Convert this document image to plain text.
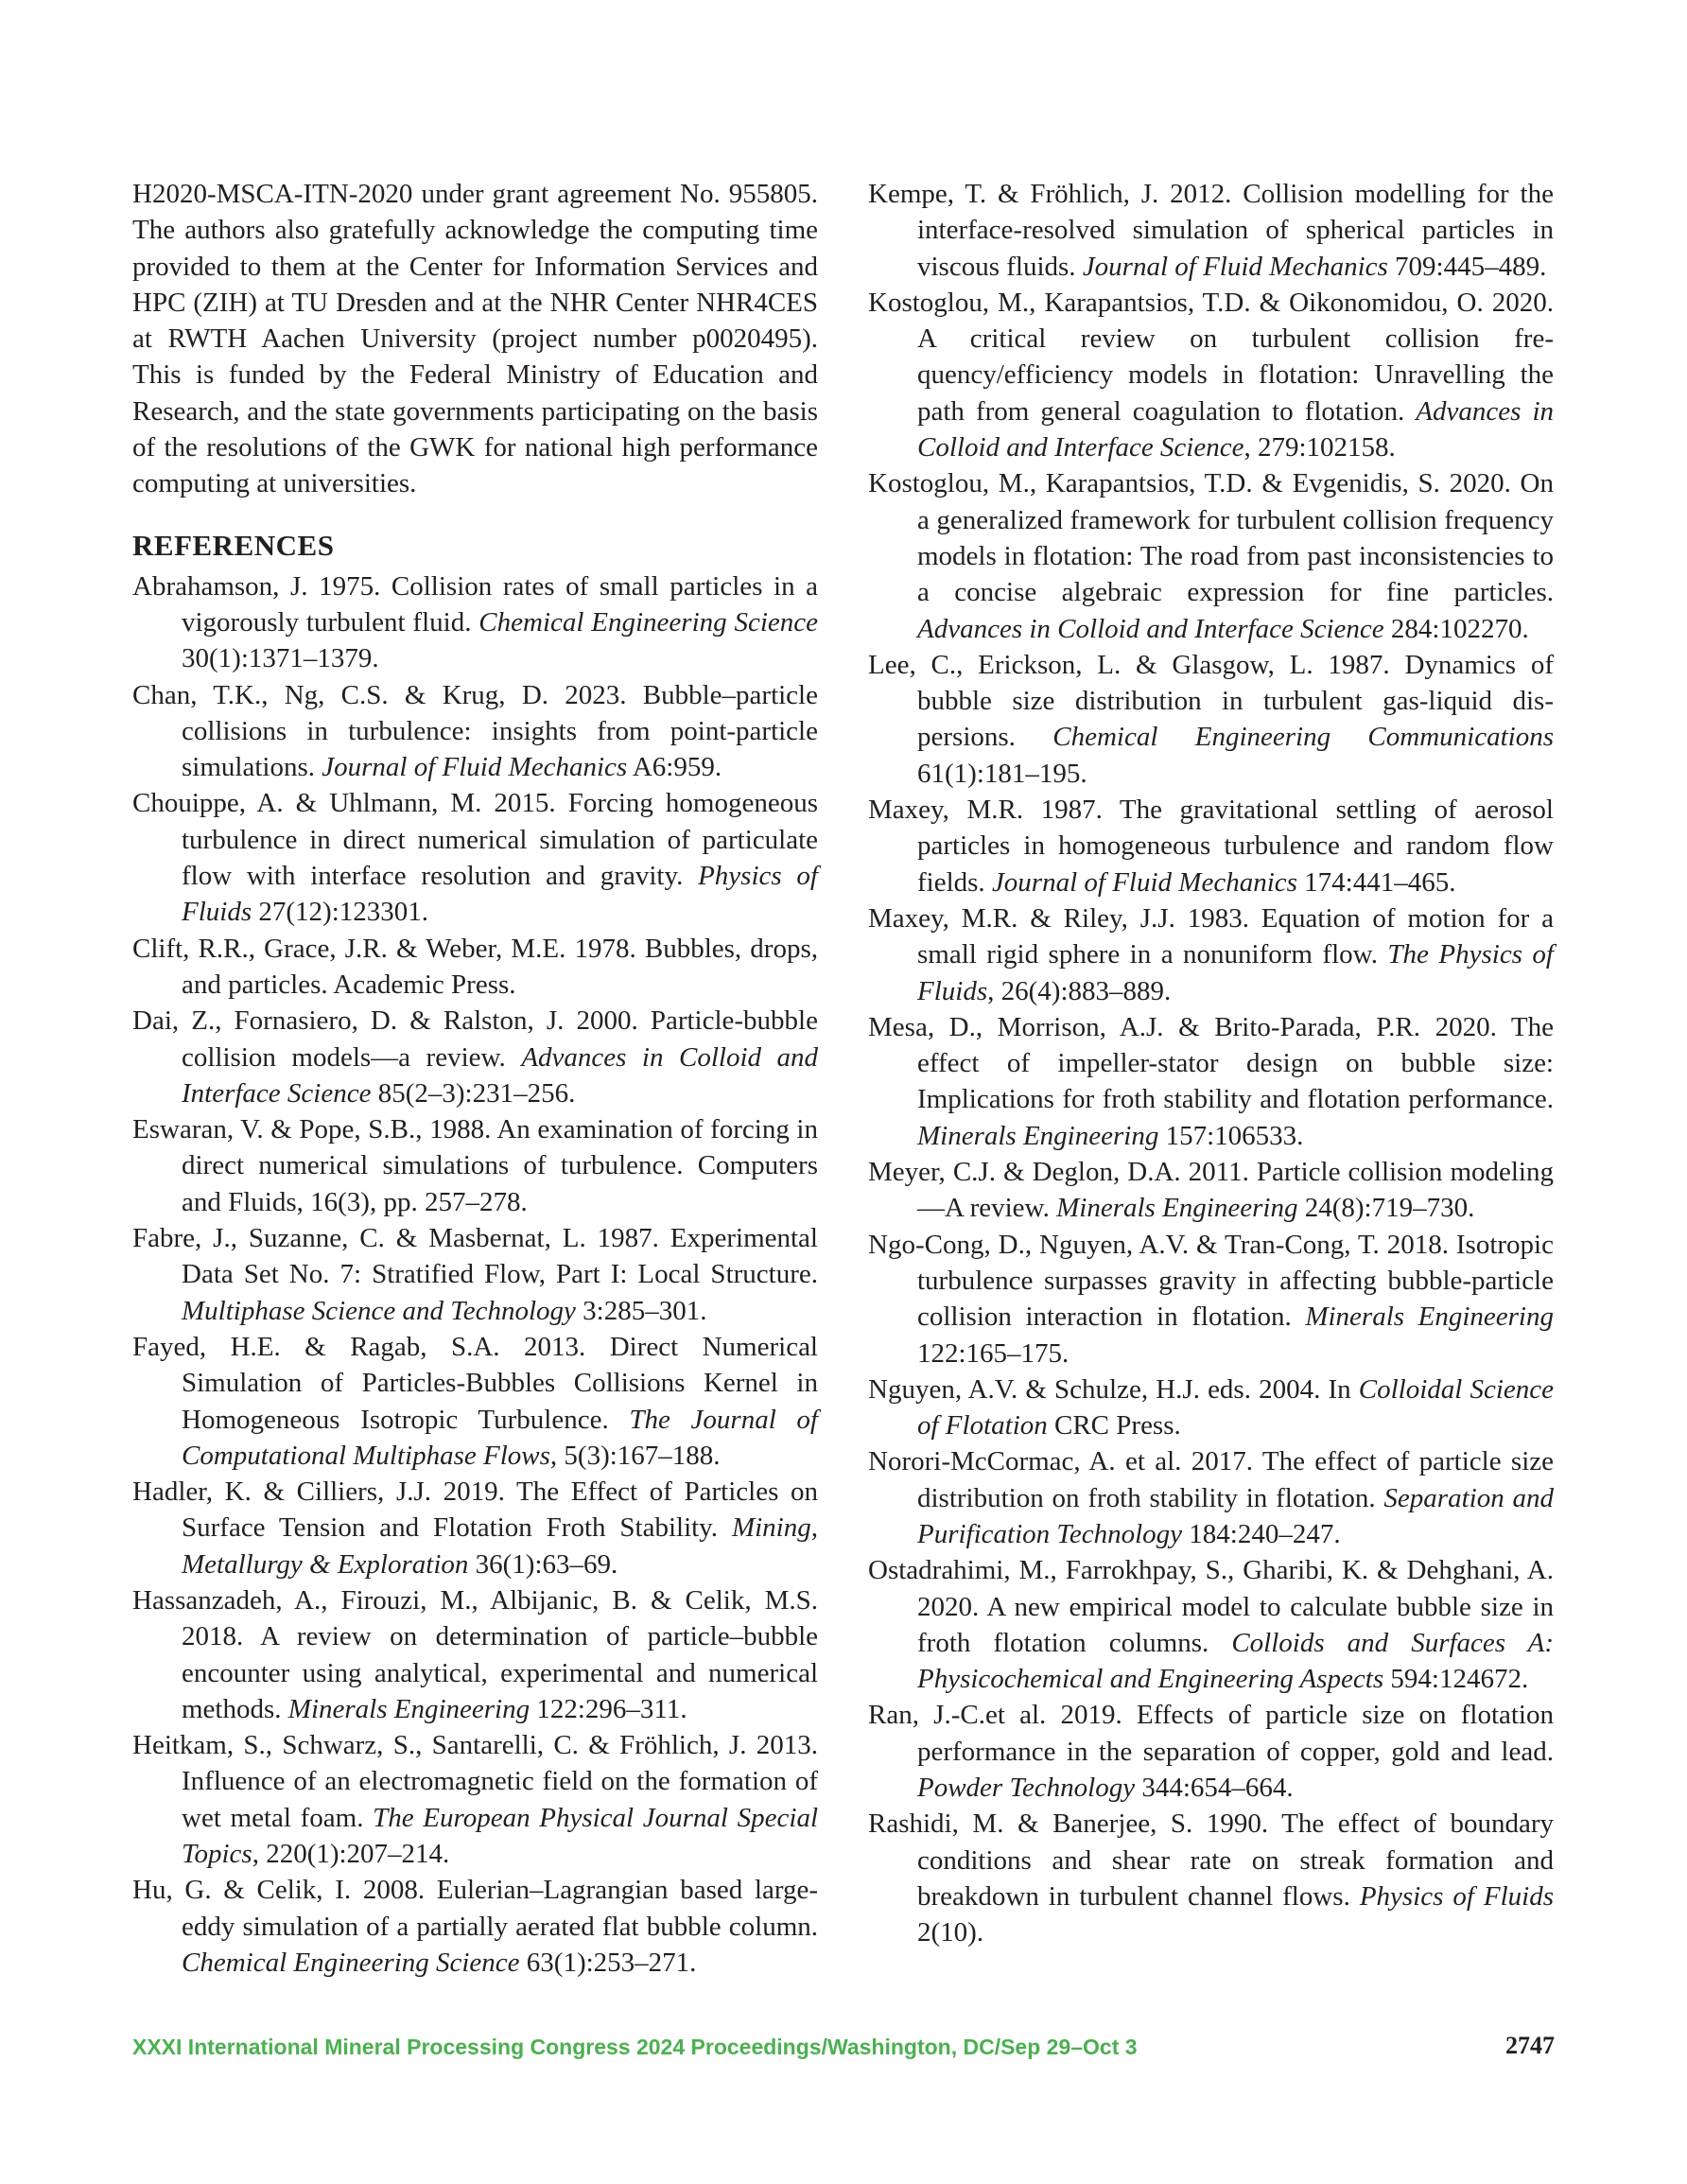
H2020-MSCA-ITN-2020 under grant agreement No. 955805. The authors also gratefully acknowledge the computing time provided to them at the Center for Information Services and HPC (ZIH) at TU Dresden and at the NHR Center NHR4CES at RWTH Aachen University (project number p0020495). This is funded by the Federal Ministry of Education and Research, and the state governments participating on the basis of the resolutions of the GWK for national high performance computing at universities.

REFERENCES

Abrahamson, J. 1975. Collision rates of small particles in a vigorously turbulent fluid. Chemical Engineering Science 30(1):1371–1379.

Chan, T.K., Ng, C.S. & Krug, D. 2023. Bubble–particle collisions in turbulence: insights from point-particle simulations. Journal of Fluid Mechanics A6:959.

Chouippe, A. & Uhlmann, M. 2015. Forcing homogeneous turbulence in direct numerical simulation of particulate flow with interface resolution and gravity. Physics of Fluids 27(12):123301.

Clift, R.R., Grace, J.R. & Weber, M.E. 1978. Bubbles, drops, and particles. Academic Press.

Dai, Z., Fornasiero, D. & Ralston, J. 2000. Particle-bubble collision models—a review. Advances in Colloid and Interface Science 85(2–3):231–256.

Eswaran, V. & Pope, S.B., 1988. An examination of forcing in direct numerical simulations of turbulence. Computers and Fluids, 16(3), pp. 257–278.

Fabre, J., Suzanne, C. & Masbernat, L. 1987. Experimental Data Set No. 7: Stratified Flow, Part I: Local Structure. Multiphase Science and Technology 3:285–301.

Fayed, H.E. & Ragab, S.A. 2013. Direct Numerical Simulation of Particles-Bubbles Collisions Kernel in Homogeneous Isotropic Turbulence. The Journal of Computational Multiphase Flows, 5(3):167–188.

Hadler, K. & Cilliers, J.J. 2019. The Effect of Particles on Surface Tension and Flotation Froth Stability. Mining, Metallurgy & Exploration 36(1):63–69.

Hassanzadeh, A., Firouzi, M., Albijanic, B. & Celik, M.S. 2018. A review on determination of particle–bubble encounter using analytical, experimental and numerical methods. Minerals Engineering 122:296–311.

Heitkam, S., Schwarz, S., Santarelli, C. & Fröhlich, J. 2013. Influence of an electromagnetic field on the formation of wet metal foam. The European Physical Journal Special Topics, 220(1):207–214.

Hu, G. & Celik, I. 2008. Eulerian–Lagrangian based large-eddy simulation of a partially aerated flat bubble column. Chemical Engineering Science 63(1):253–271.

Kempe, T. & Fröhlich, J. 2012. Collision modelling for the interface-resolved simulation of spherical particles in viscous fluids. Journal of Fluid Mechanics 709:445–489.

Kostoglou, M., Karapantsios, T.D. & Oikonomidou, O. 2020. A critical review on turbulent collision frequency/efficiency models in flotation: Unravelling the path from general coagulation to flotation. Advances in Colloid and Interface Science, 279:102158.

Kostoglou, M., Karapantsios, T.D. & Evgenidis, S. 2020. On a generalized framework for turbulent collision frequency models in flotation: The road from past inconsistencies to a concise algebraic expression for fine particles. Advances in Colloid and Interface Science 284:102270.

Lee, C., Erickson, L. & Glasgow, L. 1987. Dynamics of bubble size distribution in turbulent gas-liquid dispersions. Chemical Engineering Communications 61(1):181–195.

Maxey, M.R. 1987. The gravitational settling of aerosol particles in homogeneous turbulence and random flow fields. Journal of Fluid Mechanics 174:441–465.

Maxey, M.R. & Riley, J.J. 1983. Equation of motion for a small rigid sphere in a nonuniform flow. The Physics of Fluids, 26(4):883–889.

Mesa, D., Morrison, A.J. & Brito-Parada, P.R. 2020. The effect of impeller-stator design on bubble size: Implications for froth stability and flotation performance. Minerals Engineering 157:106533.

Meyer, C.J. & Deglon, D.A. 2011. Particle collision modeling—A review. Minerals Engineering 24(8):719–730.

Ngo-Cong, D., Nguyen, A.V. & Tran-Cong, T. 2018. Isotropic turbulence surpasses gravity in affecting bubble-particle collision interaction in flotation. Minerals Engineering 122:165–175.

Nguyen, A.V. & Schulze, H.J. eds. 2004. In Colloidal Science of Flotation CRC Press.

Norori-McCormac, A. et al. 2017. The effect of particle size distribution on froth stability in flotation. Separation and Purification Technology 184:240–247.

Ostadrahimi, M., Farrokhpay, S., Gharibi, K. & Dehghani, A. 2020. A new empirical model to calculate bubble size in froth flotation columns. Colloids and Surfaces A: Physicochemical and Engineering Aspects 594:124672.

Ran, J.-C.et al. 2019. Effects of particle size on flotation performance in the separation of copper, gold and lead. Powder Technology 344:654–664.

Rashidi, M. & Banerjee, S. 1990. The effect of boundary conditions and shear rate on streak formation and breakdown in turbulent channel flows. Physics of Fluids 2(10).

XXXI International Mineral Processing Congress 2024 Proceedings/Washington, DC/Sep 29–Oct 3	2747
